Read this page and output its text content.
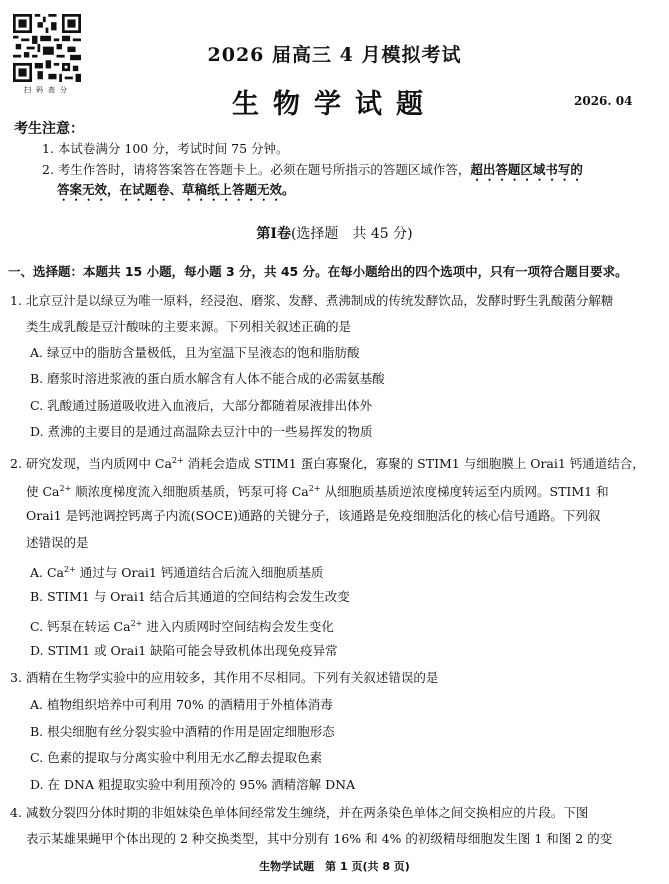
扫码查分
2026 届高三 4 月模拟考试
生物学试题	2026. 04
考生注意：
1. 本试卷满分 100 分，考试时间 75 分钟。
2. 考生作答时，请将答案答在答题卡上。必须在题号所指示的答题区域作答，超出答题区域书写的
答案无效，在试题卷、草稿纸上答题无效。
第Ⅰ卷(选择题　共 45 分)
一、选择题：本题共 15 小题，每小题 3 分，共 45 分。在每小题给出的四个选项中，只有一项符合题目要求。
1. 北京豆汁是以绿豆为唯一原料，经浸泡、磨浆、发酵、煮沸制成的传统发酵饮品，发酵时野生乳酸菌分解糖
类生成乳酸是豆汁酸味的主要来源。下列相关叙述正确的是
A. 绿豆中的脂肪含量极低，且为室温下呈液态的饱和脂肪酸
B. 磨浆时溶进浆液的蛋白质水解含有人体不能合成的必需氨基酸
C. 乳酸通过肠道吸收进入血液后，大部分都随着尿液排出体外
D. 煮沸的主要目的是通过高温除去豆汁中的一些易挥发的物质
2. 研究发现，当内质网中 $Ca^{2+}$ 消耗会造成 STIM1 蛋白寡聚化，寡聚的 STIM1 与细胞膜上 Orai1 钙通道结合，
使 $Ca^{2+}$ 顺浓度梯度流入细胞质基质，钙泵可将 $Ca^{2+}$ 从细胞质基质逆浓度梯度转运至内质网。STIM1 和
Orai1 是钙池调控钙离子内流(SOCE)通路的关键分子，该通路是免疫细胞活化的核心信号通路。下列叙
述错误的是
A. $Ca^{2+}$ 通过与 Orai1 钙通道结合后流入细胞质基质
B. STIM1 与 Orai1 结合后其通道的空间结构会发生改变
C. 钙泵在转运 $Ca^{2+}$ 进入内质网时空间结构会发生变化
D. STIM1 或 Orai1 缺陷可能会导致机体出现免疫异常
3. 酒精在生物学实验中的应用较多，其作用不尽相同。下列有关叙述错误的是
A. 植物组织培养中可利用 70% 的酒精用于外植体消毒
B. 根尖细胞有丝分裂实验中酒精的作用是固定细胞形态
C. 色素的提取与分离实验中利用无水乙醇去提取色素
D. 在 DNA 粗提取实验中利用预冷的 95% 酒精溶解 DNA
4. 减数分裂四分体时期的非姐妹染色单体间经常发生缠绕，并在两条染色单体之间交换相应的片段。下图
表示某雄果蝇甲个体出现的 2 种交换类型，其中分别有 16% 和 4% 的初级精母细胞发生图 1 和图 2 的变
生物学试题　第 1 页(共 8 页)
